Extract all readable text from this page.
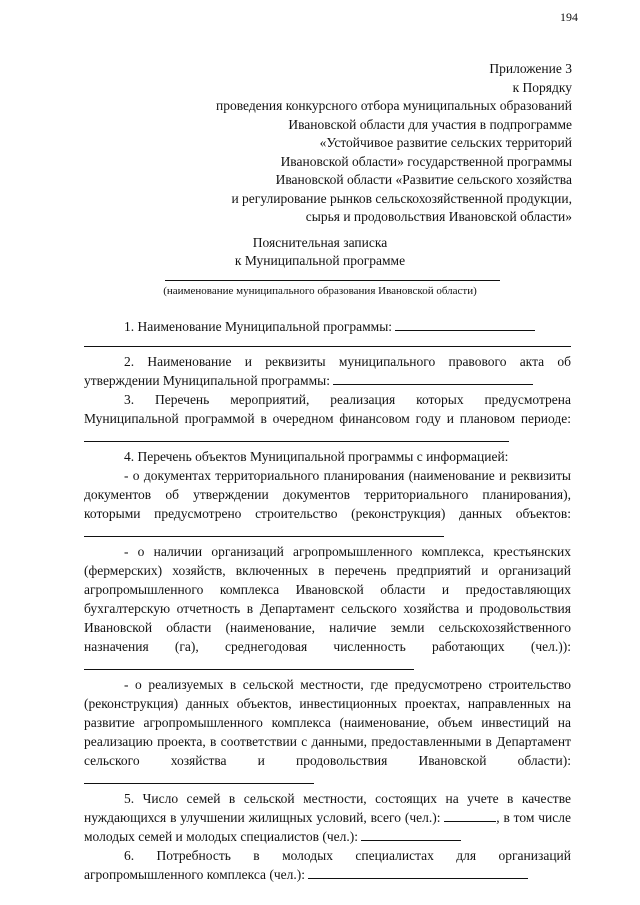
194
Приложение 3
к Порядку
проведения конкурсного отбора муниципальных образований
Ивановской области для участия в подпрограмме
«Устойчивое развитие сельских территорий
Ивановской области» государственной программы
Ивановской области «Развитие сельского хозяйства
и регулирование рынков сельскохозяйственной продукции,
сырья и продовольствия Ивановской области»
Пояснительная записка
к Муниципальной программе
(наименование муниципального образования Ивановской области)

1. Наименование Муниципальной программы:

2. Наименование и реквизиты муниципального правового акта об утверждении Муниципальной программы:

3. Перечень мероприятий, реализация которых предусмотрена Муниципальной программой в очередном финансовом году и плановом периоде:

4. Перечень объектов Муниципальной программы с информацией:

- о документах территориального планирования (наименование и реквизиты документов об утверждении документов территориального планирования), которыми предусмотрено строительство (реконструкция) данных объектов:

- о наличии организаций агропромышленного комплекса, крестьянских (фермерских) хозяйств, включенных в перечень предприятий и организаций агропромышленного комплекса Ивановской области и предоставляющих бухгалтерскую отчетность в Департамент сельского хозяйства и продовольствия Ивановской области (наименование, наличие земли сельскохозяйственного назначения (га), среднегодовая численность работающих (чел.)):

- о реализуемых в сельской местности, где предусмотрено строительство (реконструкция) данных объектов, инвестиционных проектах, направленных на развитие агропромышленного комплекса (наименование, объем инвестиций на реализацию проекта, в соответствии с данными, предоставленными в Департамент сельского хозяйства и продовольствия Ивановской области):

5. Число семей в сельской местности, состоящих на учете в качестве нуждающихся в улучшении жилищных условий, всего (чел.):	, в том числе молодых семей и молодых специалистов (чел.):

6. Потребность в молодых специалистах для организаций агропромышленного комплекса (чел.):
